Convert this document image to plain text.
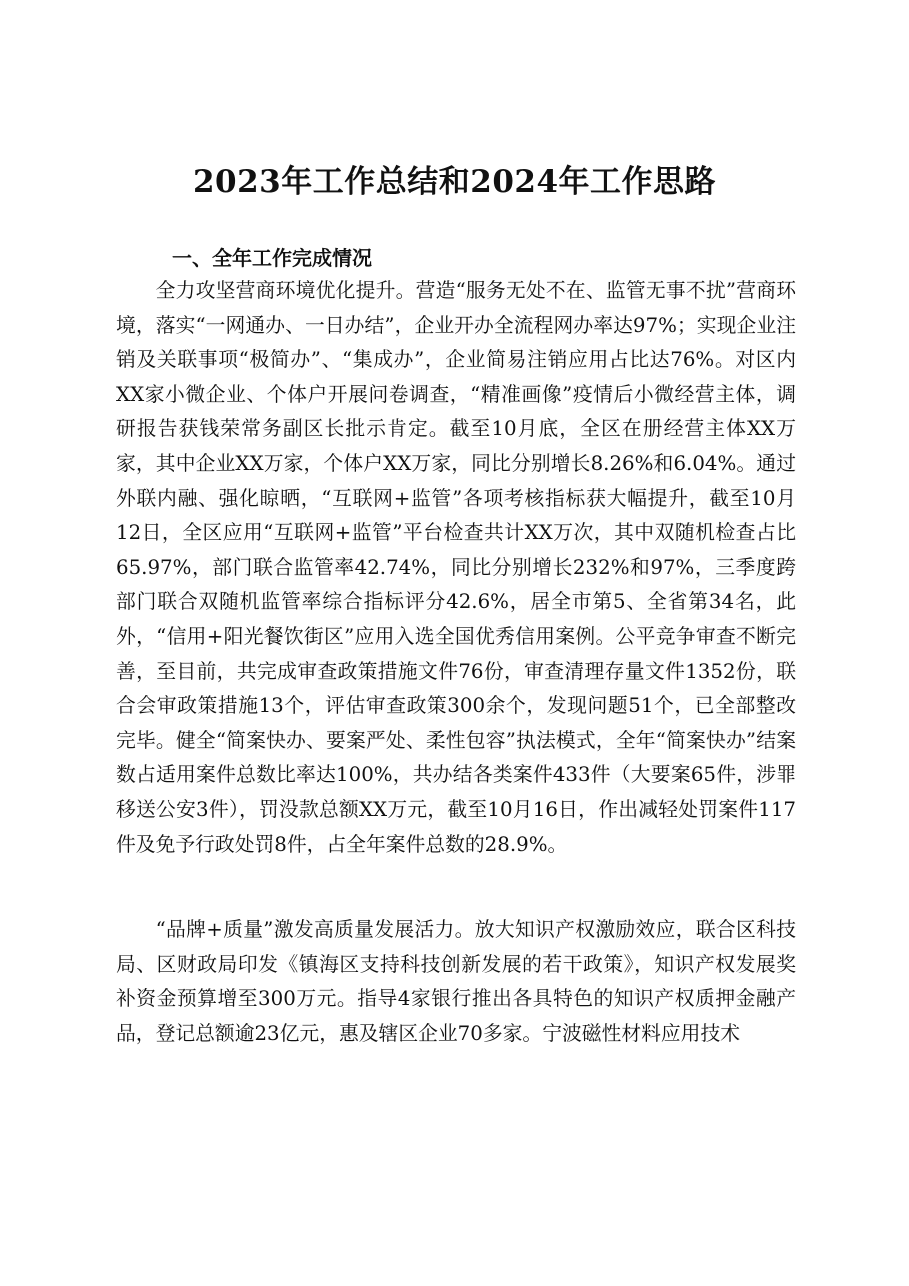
2023年工作总结和2024年工作思路
一、全年工作完成情况

全力攻坚营商环境优化提升。营造“服务无处不在、监管无事不扰”营商环境，落实“一网通办、一日办结”，企业开办全流程网办率达97%；实现企业注销及关联事项“极简办”、“集成办”，企业简易注销应用占比达76%。对区内XX家小微企业、个体户开展问卷调查，“精准画像”疫情后小微经营主体，调研报告获钱荣常务副区长批示肯定。截至10月底，全区在册经营主体XX万家，其中企业XX万家，个体户XX万家，同比分别增长8.26%和6.04%。通过外联内融、强化晾晒，“互联网+监管”各项考核指标获大幅提升，截至10月12日，全区应用“互联网+监管”平台检查共计XX万次，其中双随机检查占比65.97%，部门联合监管率42.74%，同比分别增长232%和97%，三季度跨部门联合双随机监管率综合指标评分42.6%，居全市第5、全省第34名，此外，“信用+阳光餐饮街区”应用入选全国优秀信用案例。公平竞争审查不断完善，至目前，共完成审查政策措施文件76份，审查清理存量文件1352份，联合会审政策措施13个，评估审查政策300余个，发现问题51个，已全部整改完毕。健全“简案快办、要案严处、柔性包容”执法模式，全年“简案快办”结案数占适用案件总数比率达100%，共办结各类案件433件（大要案65件，涉罪移送公安3件），罚没款总额XX万元，截至10月16日，作出减轻处罚案件117件及免予行政处罚8件，占全年案件总数的28.9%。

“品牌+质量”激发高质量发展活力。放大知识产权激励效应，联合区科技局、区财政局印发《镇海区支持科技创新发展的若干政策》，知识产权发展奖补资金预算增至300万元。指导4家银行推出各具特色的知识产权质押金融产品，登记总额逾23亿元，惠及辖区企业70多家。宁波磁性材料应用技术
